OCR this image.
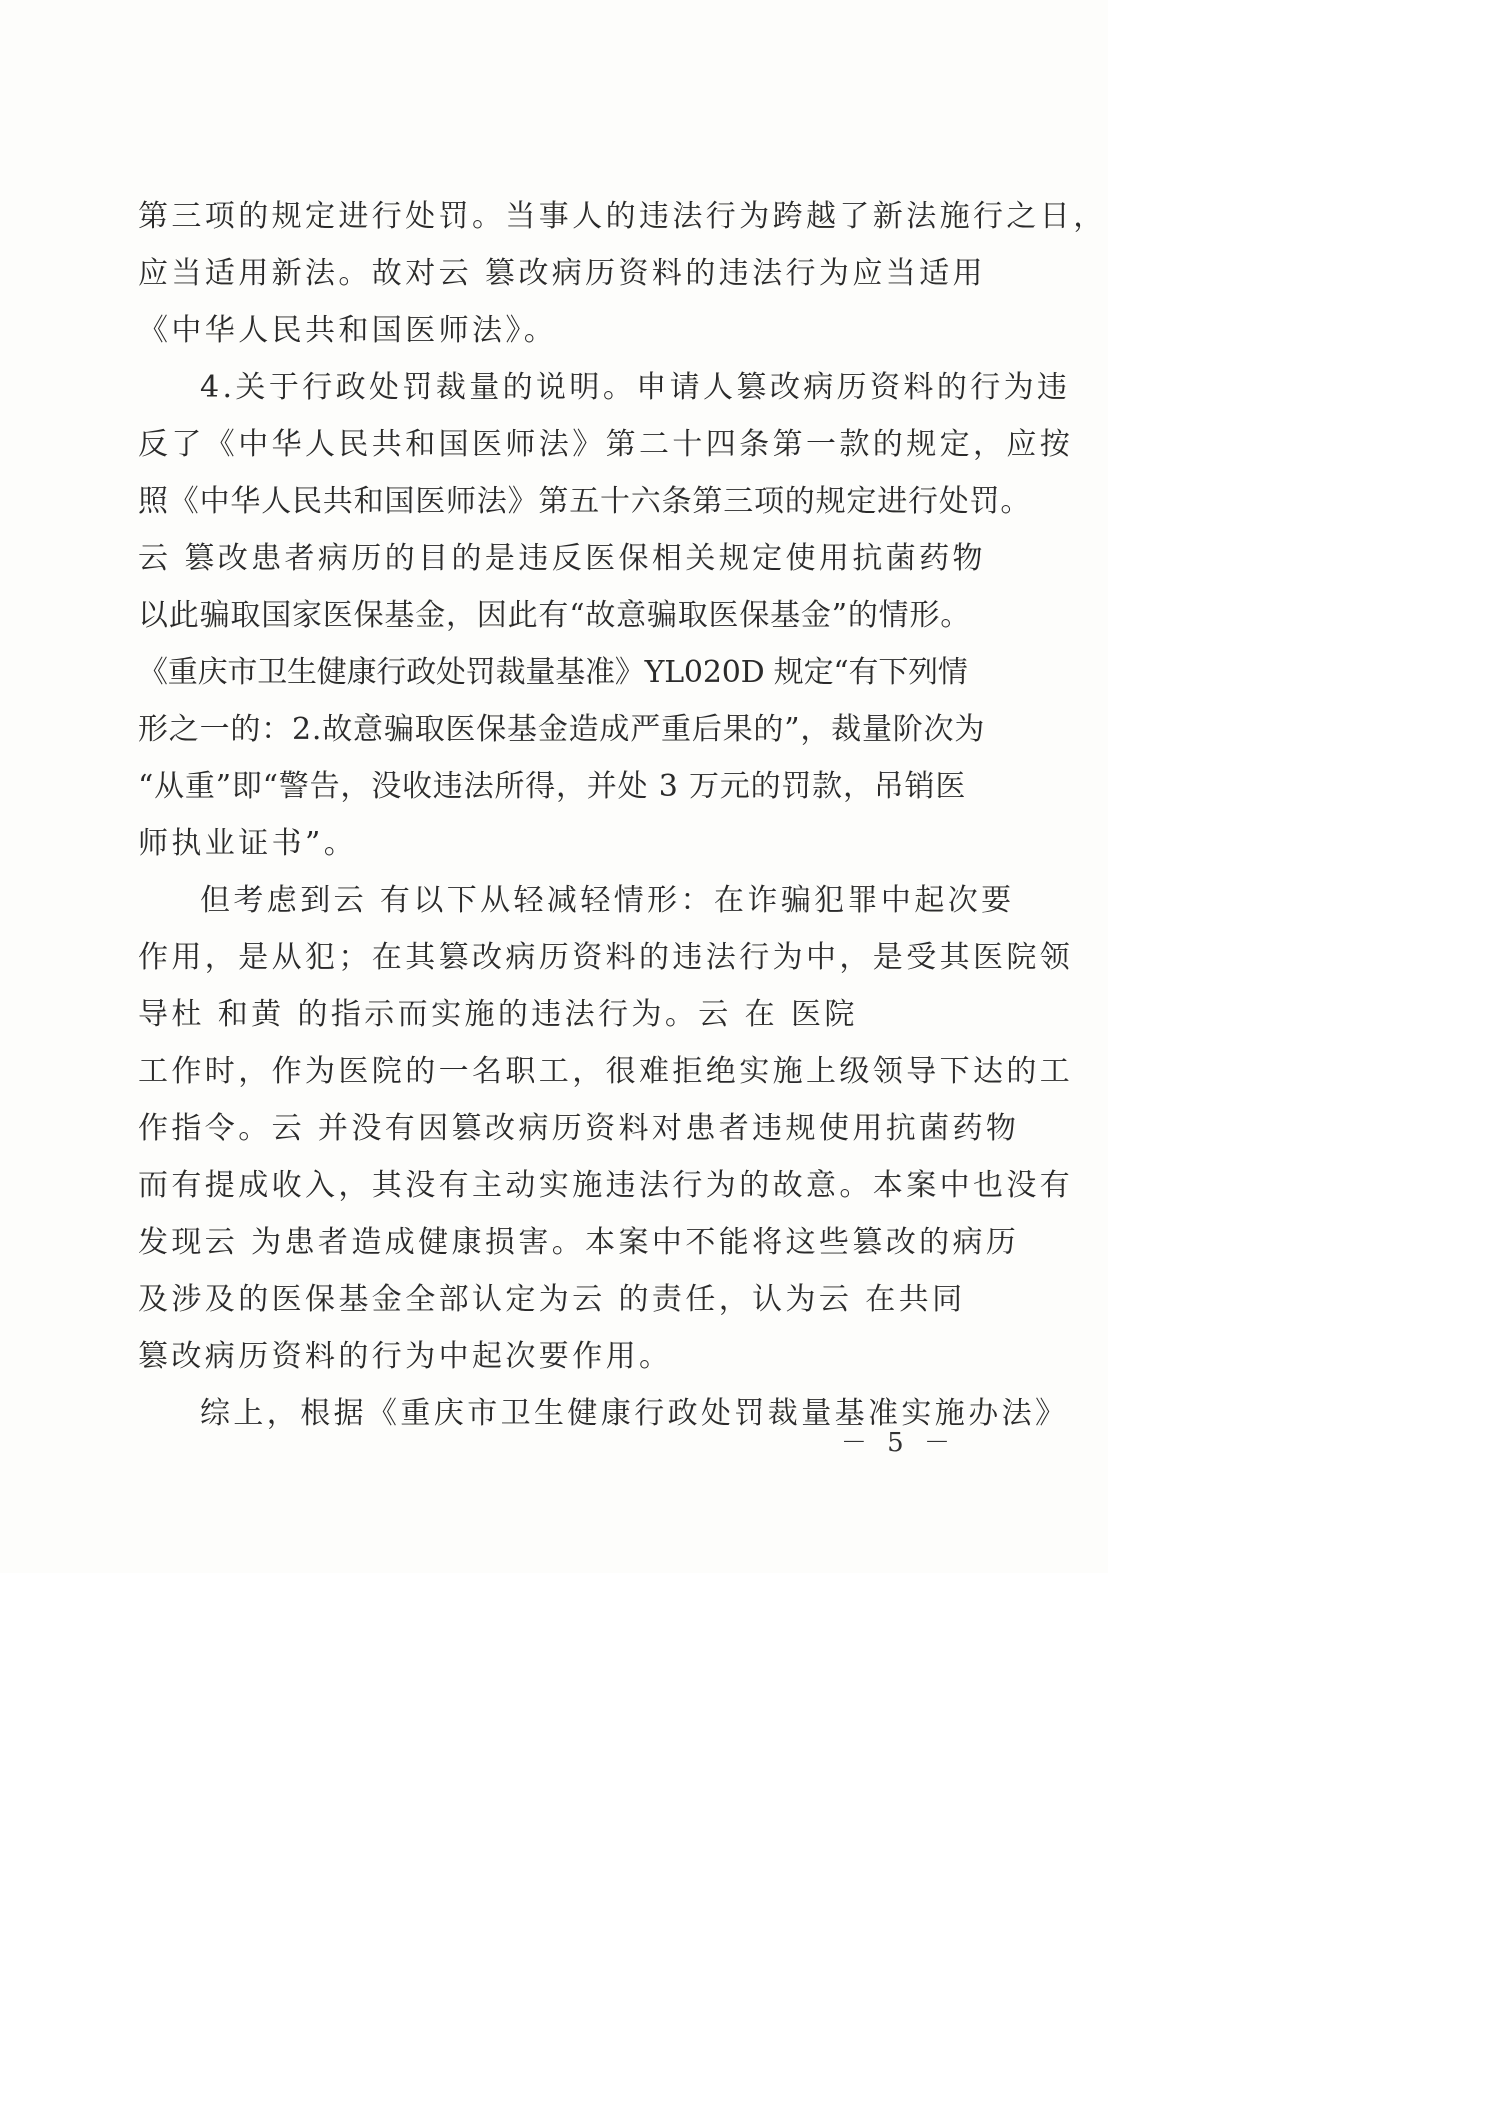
第三项的规定进行处罚。当事人的违法行为跨越了新法施行之日，
应当适用新法。故对云 篡改病历资料的违法行为应当适用
《中华人民共和国医师法》。
4.关于行政处罚裁量的说明。申请人篡改病历资料的行为违
反了《中华人民共和国医师法》第二十四条第一款的规定，应按
照《中华人民共和国医师法》第五十六条第三项的规定进行处罚。
云 篡改患者病历的目的是违反医保相关规定使用抗菌药物
以此骗取国家医保基金，因此有“故意骗取医保基金”的情形。
《重庆市卫生健康行政处罚裁量基准》YL020D 规定“有下列情
形之一的：2.故意骗取医保基金造成严重后果的”，裁量阶次为
“从重”即“警告，没收违法所得，并处 3 万元的罚款，吊销医
师执业证书”。
但考虑到云 有以下从轻减轻情形：在诈骗犯罪中起次要
作用，是从犯；在其篡改病历资料的违法行为中，是受其医院领
导杜 和黄 的指示而实施的违法行为。云 在 医院
工作时，作为医院的一名职工，很难拒绝实施上级领导下达的工
作指令。云 并没有因篡改病历资料对患者违规使用抗菌药物
而有提成收入，其没有主动实施违法行为的故意。本案中也没有
发现云 为患者造成健康损害。本案中不能将这些篡改的病历
及涉及的医保基金全部认定为云 的责任，认为云 在共同
篡改病历资料的行为中起次要作用。
综上，根据《重庆市卫生健康行政处罚裁量基准实施办法》
－ 5 －
